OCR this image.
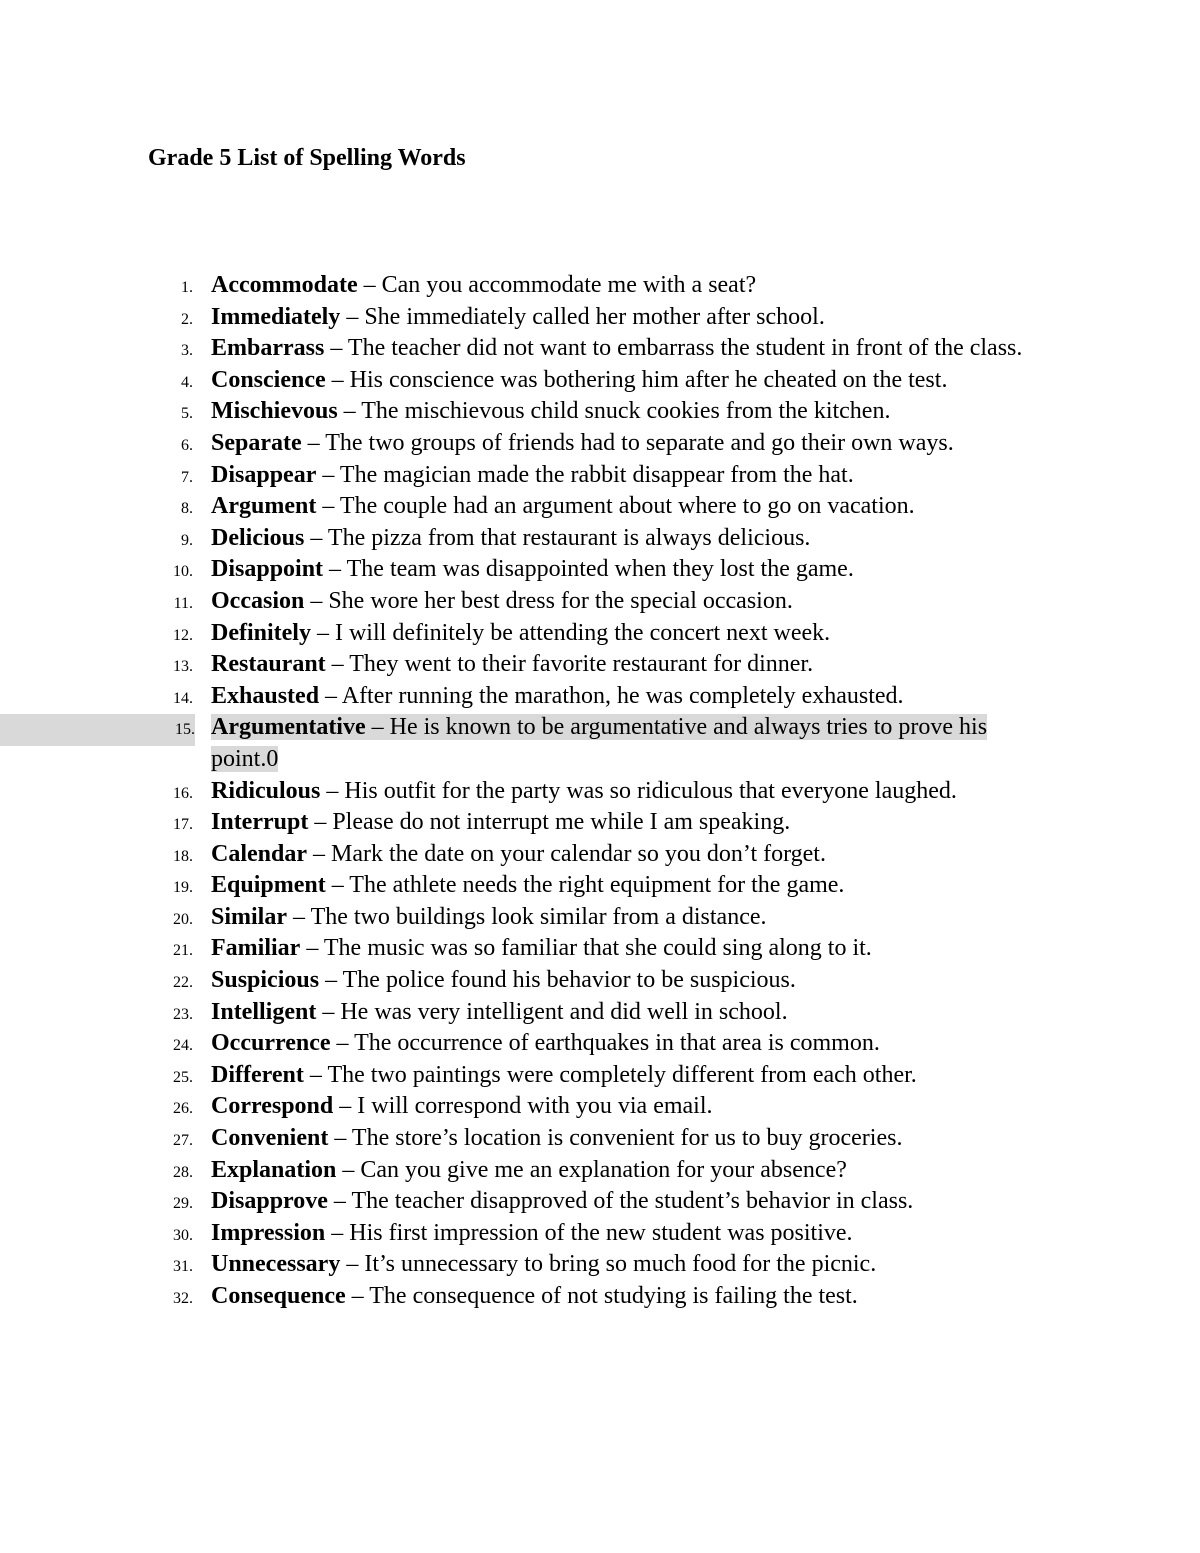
Grade 5 List of Spelling Words
1. Accommodate – Can you accommodate me with a seat?
2. Immediately – She immediately called her mother after school.
3. Embarrass – The teacher did not want to embarrass the student in front of the class.
4. Conscience – His conscience was bothering him after he cheated on the test.
5. Mischievous – The mischievous child snuck cookies from the kitchen.
6. Separate – The two groups of friends had to separate and go their own ways.
7. Disappear – The magician made the rabbit disappear from the hat.
8. Argument – The couple had an argument about where to go on vacation.
9. Delicious – The pizza from that restaurant is always delicious.
10. Disappoint – The team was disappointed when they lost the game.
11. Occasion – She wore her best dress for the special occasion.
12. Definitely – I will definitely be attending the concert next week.
13. Restaurant – They went to their favorite restaurant for dinner.
14. Exhausted – After running the marathon, he was completely exhausted.
15. Argumentative – He is known to be argumentative and always tries to prove his point.0
16. Ridiculous – His outfit for the party was so ridiculous that everyone laughed.
17. Interrupt – Please do not interrupt me while I am speaking.
18. Calendar – Mark the date on your calendar so you don’t forget.
19. Equipment – The athlete needs the right equipment for the game.
20. Similar – The two buildings look similar from a distance.
21. Familiar – The music was so familiar that she could sing along to it.
22. Suspicious – The police found his behavior to be suspicious.
23. Intelligent – He was very intelligent and did well in school.
24. Occurrence – The occurrence of earthquakes in that area is common.
25. Different – The two paintings were completely different from each other.
26. Correspond – I will correspond with you via email.
27. Convenient – The store’s location is convenient for us to buy groceries.
28. Explanation – Can you give me an explanation for your absence?
29. Disapprove – The teacher disapproved of the student’s behavior in class.
30. Impression – His first impression of the new student was positive.
31. Unnecessary – It’s unnecessary to bring so much food for the picnic.
32. Consequence – The consequence of not studying is failing the test.
